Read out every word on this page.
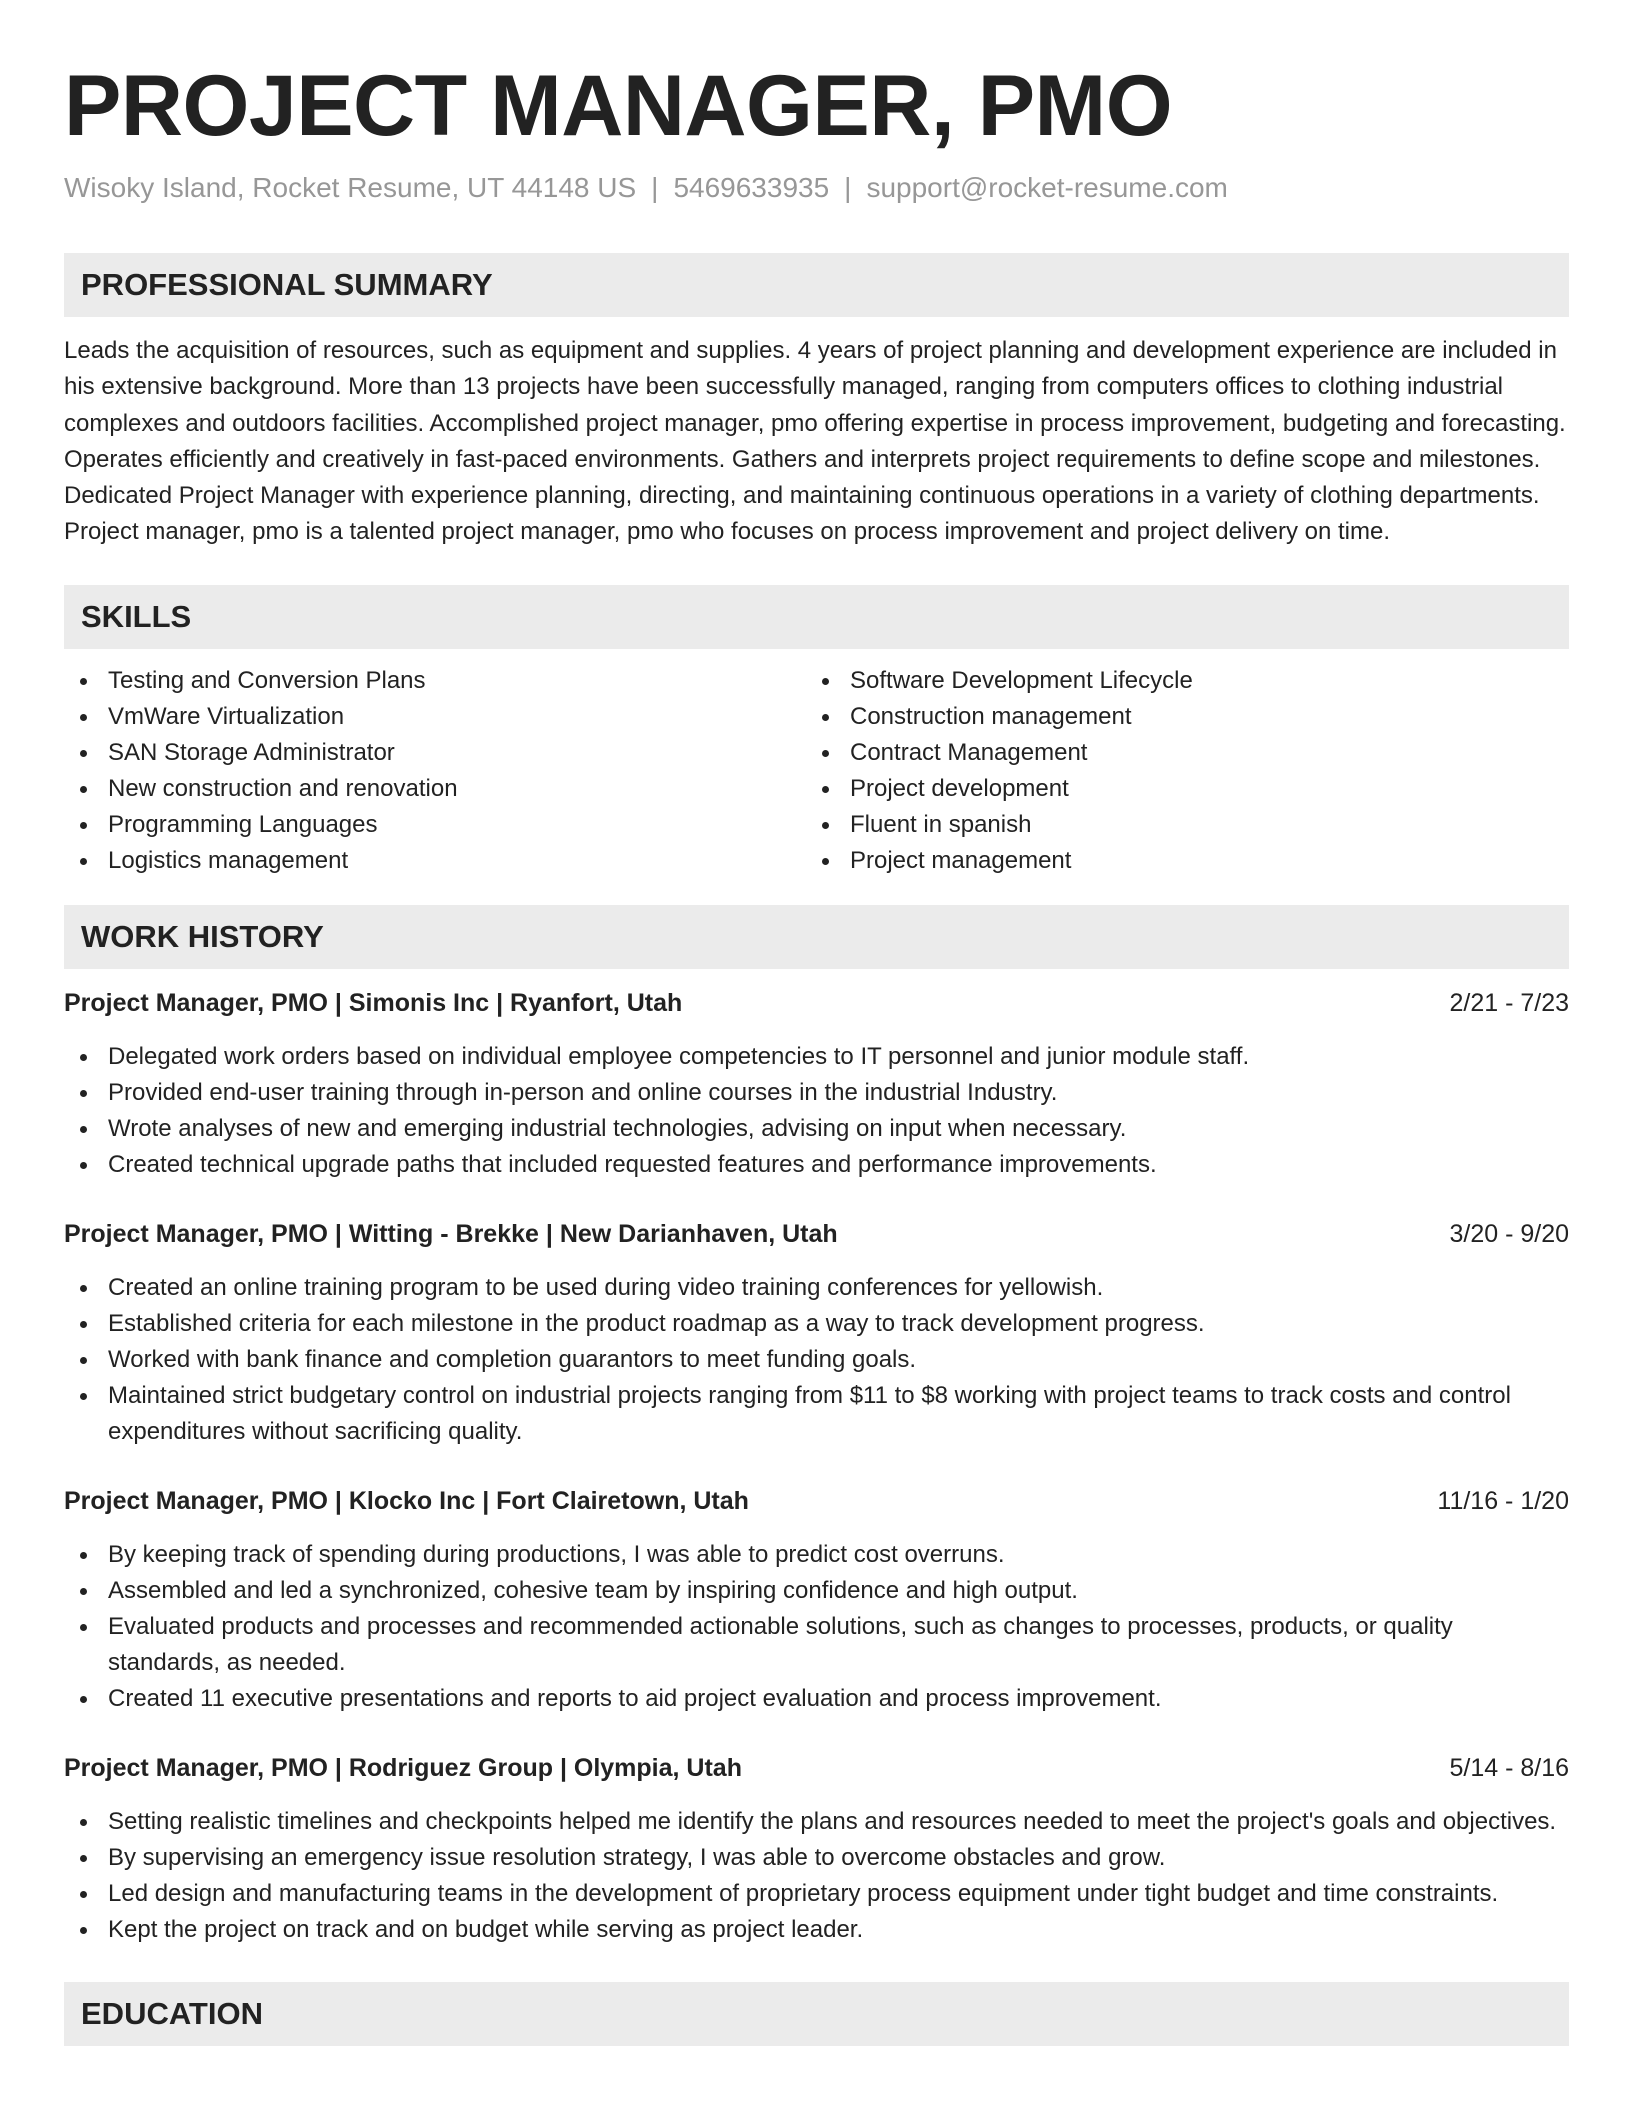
PROJECT MANAGER, PMO
Wisoky Island, Rocket Resume, UT 44148 US | 5469633935 | support@rocket-resume.com
PROFESSIONAL SUMMARY
Leads the acquisition of resources, such as equipment and supplies. 4 years of project planning and development experience are included in his extensive background. More than 13 projects have been successfully managed, ranging from computers offices to clothing industrial complexes and outdoors facilities. Accomplished project manager, pmo offering expertise in process improvement, budgeting and forecasting. Operates efficiently and creatively in fast-paced environments. Gathers and interprets project requirements to define scope and milestones. Dedicated Project Manager with experience planning, directing, and maintaining continuous operations in a variety of clothing departments. Project manager, pmo is a talented project manager, pmo who focuses on process improvement and project delivery on time.
SKILLS
Testing and Conversion Plans
VmWare Virtualization
SAN Storage Administrator
New construction and renovation
Programming Languages
Logistics management
Software Development Lifecycle
Construction management
Contract Management
Project development
Fluent in spanish
Project management
WORK HISTORY
Project Manager, PMO | Simonis Inc | Ryanfort, Utah	2/21 - 7/23
Delegated work orders based on individual employee competencies to IT personnel and junior module staff.
Provided end-user training through in-person and online courses in the industrial Industry.
Wrote analyses of new and emerging industrial technologies, advising on input when necessary.
Created technical upgrade paths that included requested features and performance improvements.
Project Manager, PMO | Witting - Brekke | New Darianhaven, Utah	3/20 - 9/20
Created an online training program to be used during video training conferences for yellowish.
Established criteria for each milestone in the product roadmap as a way to track development progress.
Worked with bank finance and completion guarantors to meet funding goals.
Maintained strict budgetary control on industrial projects ranging from $11 to $8 working with project teams to track costs and control expenditures without sacrificing quality.
Project Manager, PMO | Klocko Inc | Fort Clairetown, Utah	11/16 - 1/20
By keeping track of spending during productions, I was able to predict cost overruns.
Assembled and led a synchronized, cohesive team by inspiring confidence and high output.
Evaluated products and processes and recommended actionable solutions, such as changes to processes, products, or quality standards, as needed.
Created 11 executive presentations and reports to aid project evaluation and process improvement.
Project Manager, PMO | Rodriguez Group | Olympia, Utah	5/14 - 8/16
Setting realistic timelines and checkpoints helped me identify the plans and resources needed to meet the project's goals and objectives.
By supervising an emergency issue resolution strategy, I was able to overcome obstacles and grow.
Led design and manufacturing teams in the development of proprietary process equipment under tight budget and time constraints.
Kept the project on track and on budget while serving as project leader.
EDUCATION
